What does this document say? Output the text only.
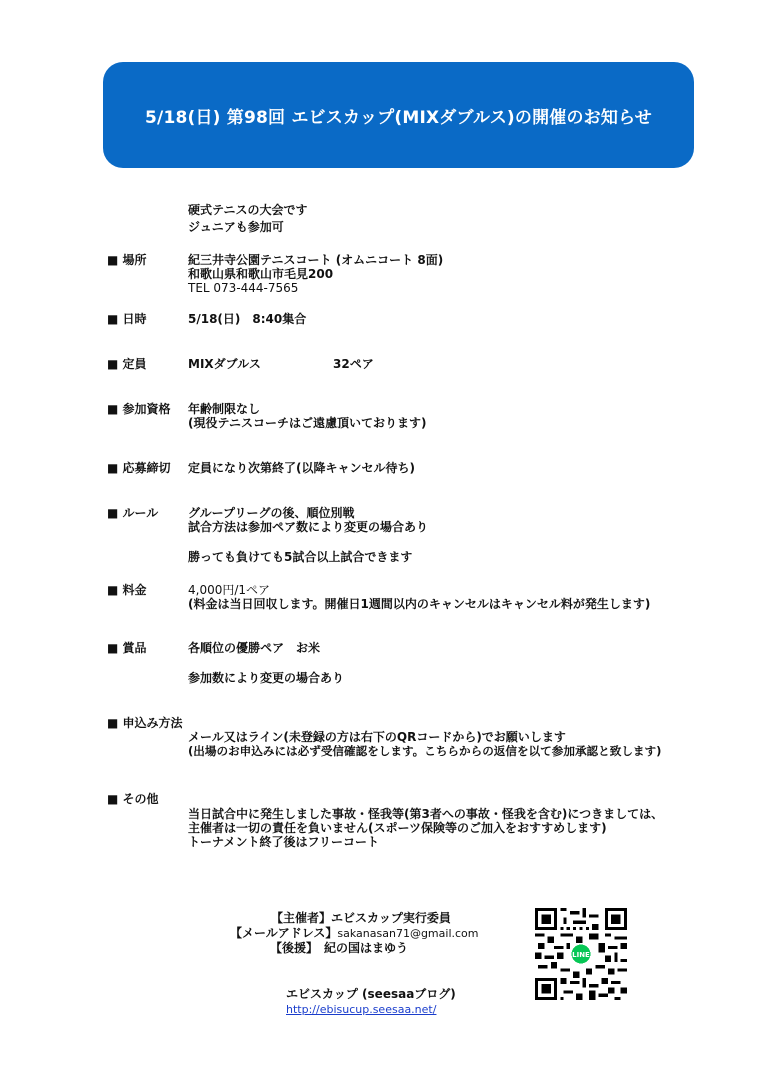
5/18(日) 第98回 エビスカップ(MIXダブルス)の開催のお知らせ
硬式テニスの大会です
ジュニアも参加可
■ 場所	紀三井寺公園テニスコート (オムニコート 8面)
和歌山県和歌山市毛見200
TEL 073-444-7565
■ 日時	5/18(日)　8:40集合
■ 定員	MIXダブルス	32ペア
■ 参加資格 年齢制限なし
(現役テニスコーチはご遠慮頂いております)
■ 応募締切 定員になり次第終了(以降キャンセル待ち)
■ ルール グループリーグの後、順位別戦
試合方法は参加ペア数により変更の場合あり
勝っても負けても5試合以上試合できます
■ 料金	4,000円/1ペア
(料金は当日回収します。開催日1週間以内のキャンセルはキャンセル料が発生します)
■ 賞品	各順位の優勝ペア　お米
参加数により変更の場合あり
■ 申込み方法
メール又はライン(未登録の方は右下のQRコードから)でお願いします
(出場のお申込みには必ず受信確認をします。こちらからの返信を以て参加承認と致します)
■ その他
当日試合中に発生しました事故・怪我等(第3者への事故・怪我を含む)につきましては、
主催者は一切の責任を負いません(スポーツ保険等のご加入をおすすめします)
トーナメント終了後はフリーコート
【主催者】エビスカップ実行委員
【メールアドレス】sakanasan71@gmail.com
【後援】　紀の国はまゆう
エビスカップ (seesaaブログ)
http://ebisucup.seesaa.net/
LINE
